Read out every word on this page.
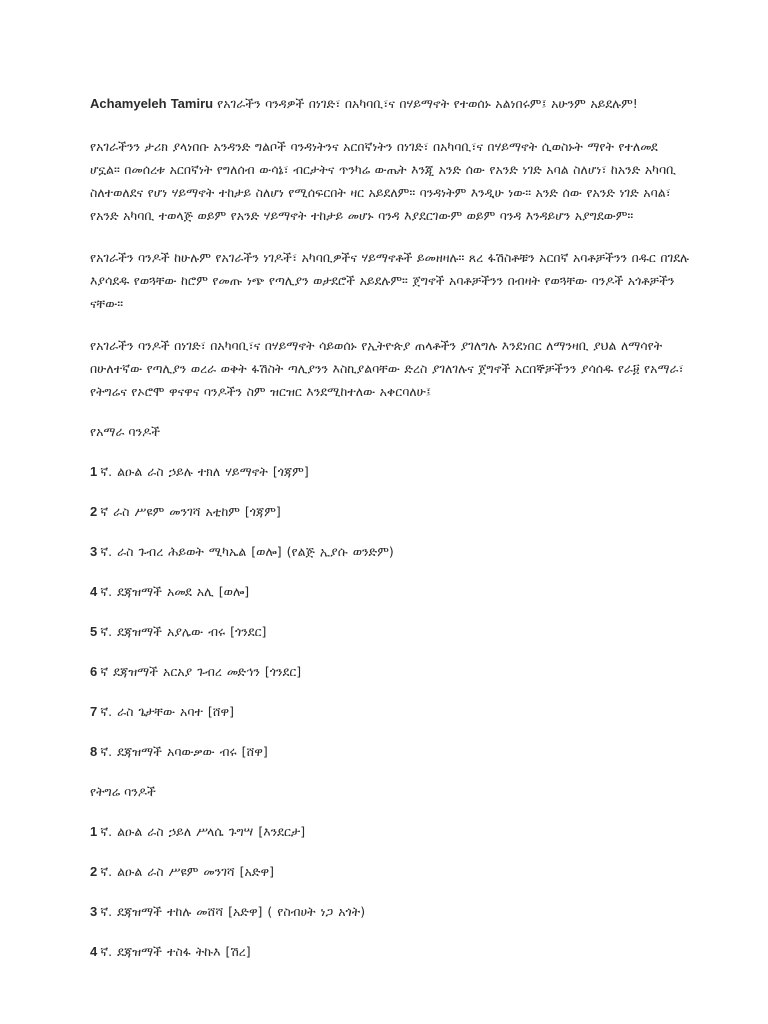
Achamyeleh Tamiru የአገራችን ባንዳዎች በነገድ፣ በአካባቢ፣ና በሃይማኖት የተወሰኑ አልነበሩም፤ አሁንም አይደሉም!

የአገራችንን ታሪክ ያላነበቡ አንዳንድ ግልቦች ባንዳነትንና አርበኛነትን በነገድ፣ በአካባቢ፣ና በሃይማኖት ሲወስኑት ማየት የተለመደ ሆኗል። በመሰረቱ አርበኛነት የግለሰብ ውሳኔ፣ ብርታትና ጥንካሬ ውጤት እንጂ አንድ ሰው የአንድ ነገድ አባል ስለሆነ፣ ከአንድ አካባቢ ስለተወለደና የሆነ ሃይማኖት ተከታይ ስለሆነ የሚሰፍርበት ዛር አይደለም። ባንዳነትም እንዲሁ ነው። አንድ ሰው የአንድ ነገድ አባል፣ የአንድ አካባቢ ተወላጅ ወይም የአንድ ሃይማኖት ተከታይ መሆኑ ባንዳ እያደርገውም ወይም ባንዳ እንዳይሆን አያግደውም።

የአገራችን ባንዶች ከሁሉም የአገራችን ነገዶች፣ አካባቢዎችና ሃይማኖቶች ይመዘዛሉ። ጸረ ፋሽስቶቹን አርበኛ አባቶቻችንን በዱር በገደሉ እያሳደዱ የወጓቸው ከሮም የመጡ ነጭ የጣሊያን ወታደሮች አይደሉም። ጀግኖች አባቶቻችንን በብዛት የወጓቸው ባንዶች አጎቶቻችን ናቸው።

የአገራችን ባንዶች በነገድ፣ በአካባቢ፣ና በሃይማኖት ሳይወሰኑ የኢትዮጵያ ጠላቶችን ያገለግሉ እንደነበር ለማንዛቢ ያህል ለማሳየት በሁለተኛው የጣሊያን ወረራ ወቅት ፋሽስት ጣሊያንን እስኪያልባቸው ድረስ ያገለገሉና ጀግኖች አርበኞቻችንን ያሳሰዱ የራ፱ የአማራ፣ የትግሬና የኦሮሞ ዋናዋና ባንዶችን ስም ዝርዝር እንደሚከተለው አቀርባለሁ፤

የአማራ ባንዶች
1 ኛ. ልዑል ራስ ኃይሉ ተክለ ሃይማኖት [ጎጃም]
2 ኛ ራስ ሥዩም መንገሻ አቲከም [ጎጃም]
3 ኛ. ራስ ጉብረ ሕይወት ሚካኤል [ወሎ] (የልጅ ኢያሱ ወንድም)
4 ኛ. ደጃዝማች አመደ አሊ [ወሎ]
5 ኛ. ደጃዝማች አያሌው ብሩ [ጎንደር]
6 ኛ ደጃዝማች አርአያ ጉብረ መድኅን [ጎንደር]
7 ኛ. ራስ ጌታቸው አባተ [ሸዋ]
8 ኛ. ደጃዝማች አባውቃው ብሩ [ሸዋ]
የትግሬ ባንዶች
1 ኛ. ልዑል ራስ ኃይለ ሥላሴ ጉግሣ [እንደርታ]
2 ኛ. ልዑል ራስ ሥዩም መንገሻ [አድዋ]
3 ኛ. ደጃዝማች ተከሉ መሸሻ [አድዋ] ( የስብሀት ነጋ አጎት)
4 ኛ. ደጃዝማች ተስፋ ትኩእ [ሽረ]
